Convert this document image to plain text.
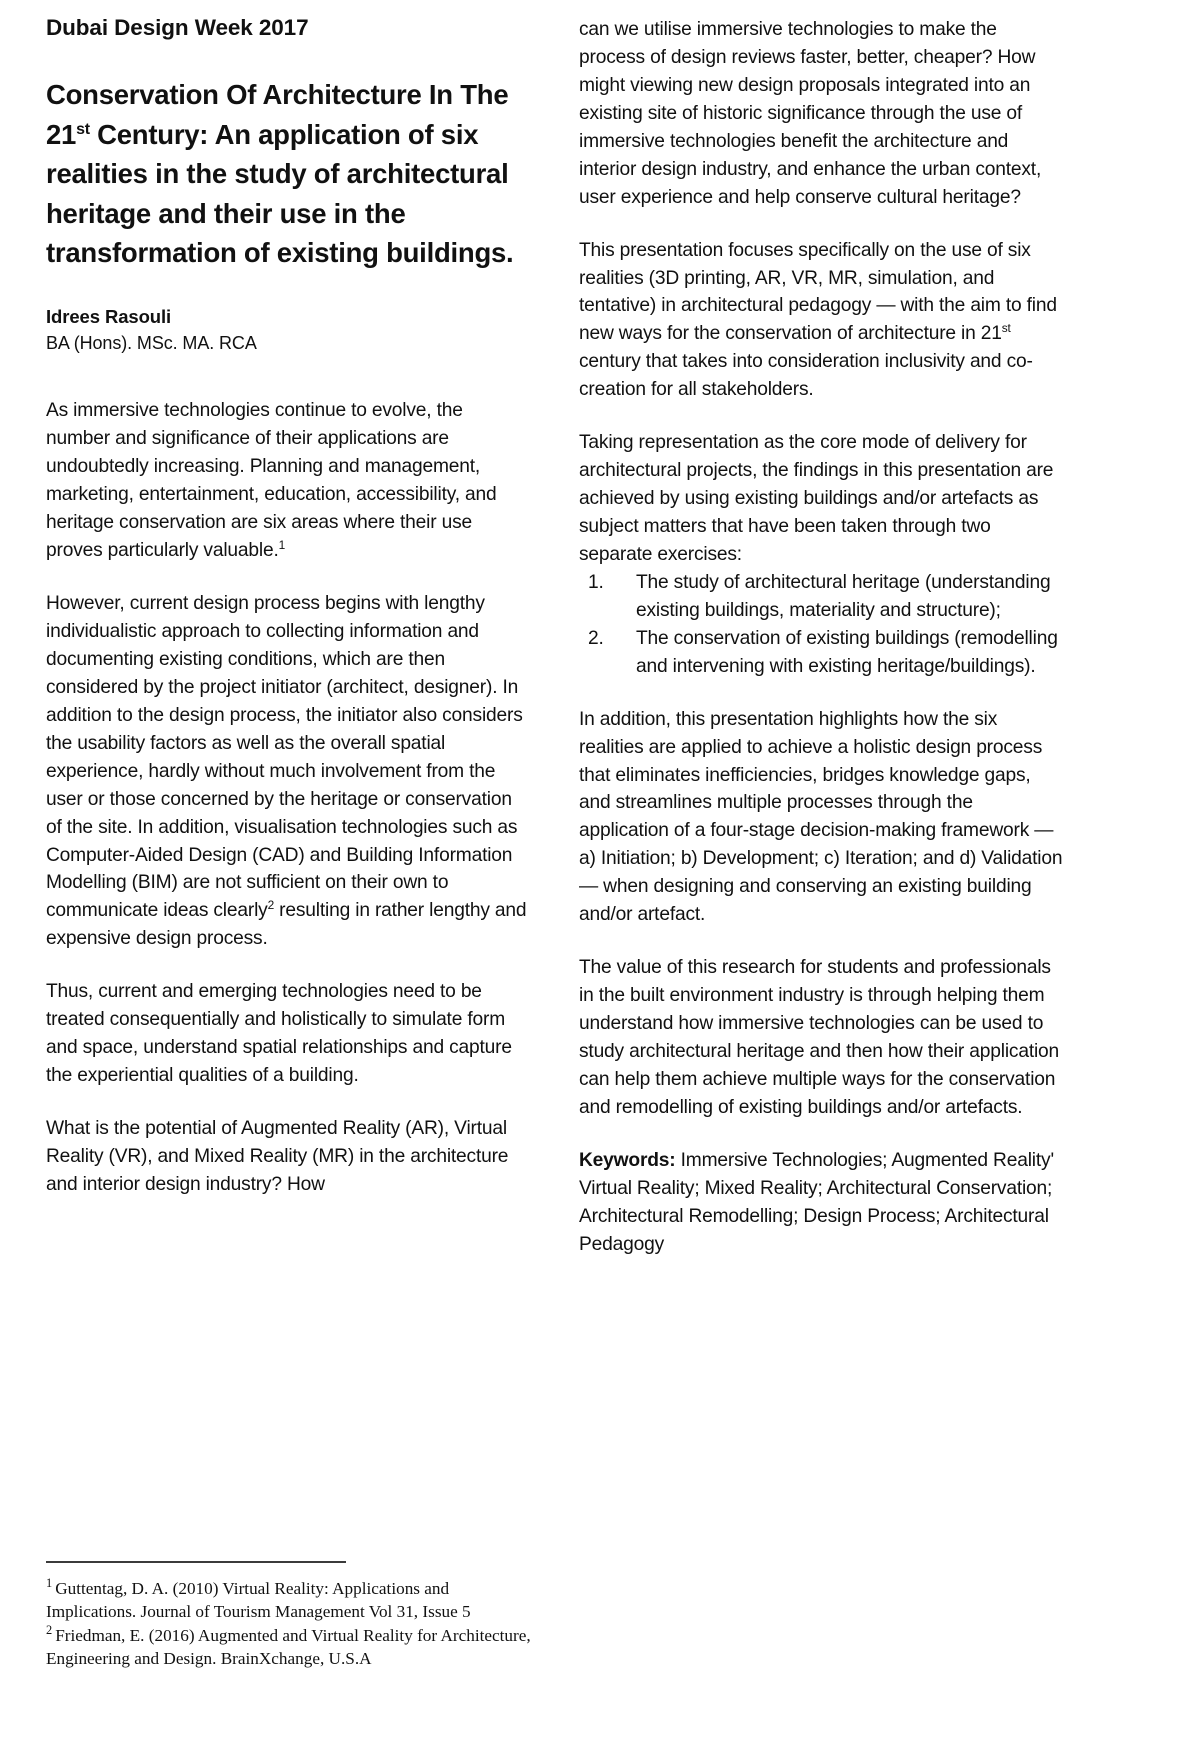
Dubai Design Week 2017
Conservation Of Architecture In The 21st Century: An application of six realities in the study of architectural heritage and their use in the transformation of existing buildings.
Idrees Rasouli
BA (Hons). MSc. MA. RCA

As immersive technologies continue to evolve, the number and significance of their applications are undoubtedly increasing. Planning and management, marketing, entertainment, education, accessibility, and heritage conservation are six areas where their use proves particularly valuable.$^1$

However, current design process begins with lengthy individualistic approach to collecting information and documenting existing conditions, which are then considered by the project initiator (architect, designer). In addition to the design process, the initiator also considers the usability factors as well as the overall spatial experience, hardly without much involvement from the user or those concerned by the heritage or conservation of the site. In addition, visualisation technologies such as Computer-Aided Design (CAD) and Building Information Modelling (BIM) are not sufficient on their own to communicate ideas clearly$^2$ resulting in rather lengthy and expensive design process.

Thus, current and emerging technologies need to be treated consequentially and holistically to simulate form and space, understand spatial relationships and capture the experiential qualities of a building.

What is the potential of Augmented Reality (AR), Virtual Reality (VR), and Mixed Reality (MR) in the architecture and interior design industry? How

$^1$ Guttentag, D. A. (2010) Virtual Reality: Applications and Implications. Journal of Tourism Management Vol 31, Issue 5
$^2$ Friedman, E. (2016) Augmented and Virtual Reality for Architecture, Engineering and Design. BrainXchange, U.S.A

can we utilise immersive technologies to make the process of design reviews faster, better, cheaper? How might viewing new design proposals integrated into an existing site of historic significance through the use of immersive technologies benefit the architecture and interior design industry, and enhance the urban context, user experience and help conserve cultural heritage?

This presentation focuses specifically on the use of six realities (3D printing, AR, VR, MR, simulation, and tentative) in architectural pedagogy — with the aim to find new ways for the conservation of architecture in 21st century that takes into consideration inclusivity and co-creation for all stakeholders.

Taking representation as the core mode of delivery for architectural projects, the findings in this presentation are achieved by using existing buildings and/or artefacts as subject matters that have been taken through two separate exercises:

1. The study of architectural heritage (understanding existing buildings, materiality and structure);
2. The conservation of existing buildings (remodelling and intervening with existing heritage/buildings).

In addition, this presentation highlights how the six realities are applied to achieve a holistic design process that eliminates inefficiencies, bridges knowledge gaps, and streamlines multiple processes through the application of a four-stage decision-making framework — a) Initiation; b) Development; c) Iteration; and d) Validation — when designing and conserving an existing building and/or artefact.

The value of this research for students and professionals in the built environment industry is through helping them understand how immersive technologies can be used to study architectural heritage and then how their application can help them achieve multiple ways for the conservation and remodelling of existing buildings and/or artefacts.

Keywords: Immersive Technologies; Augmented Reality' Virtual Reality; Mixed Reality; Architectural Conservation; Architectural Remodelling; Design Process; Architectural Pedagogy
